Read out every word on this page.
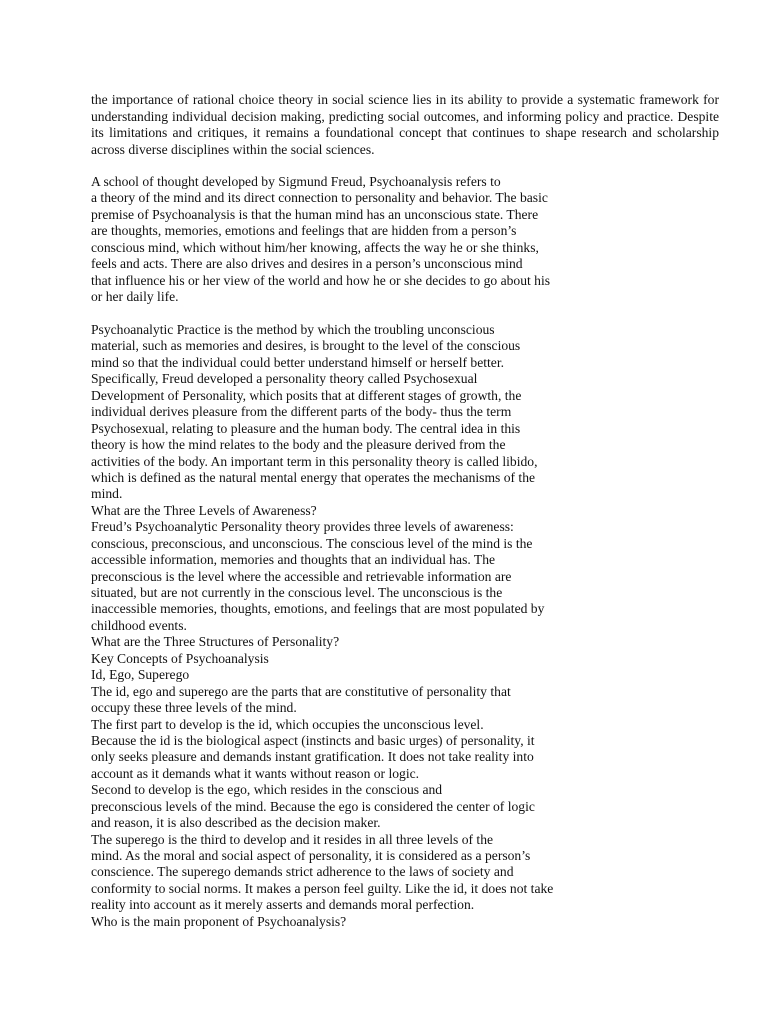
the importance of rational choice theory in social science lies in its ability to provide a systematic framework for understanding individual decision making, predicting social outcomes, and informing policy and practice. Despite its limitations and critiques, it remains a foundational concept that continues to shape research and scholarship across diverse disciplines within the social sciences.

A school of thought developed by Sigmund Freud, Psychoanalysis refers to
a theory of the mind and its direct connection to personality and behavior. The basic
premise of Psychoanalysis is that the human mind has an unconscious state. There
are thoughts, memories, emotions and feelings that are hidden from a person’s
conscious mind, which without him/her knowing, affects the way he or she thinks,
feels and acts. There are also drives and desires in a person’s unconscious mind
that influence his or her view of the world and how he or she decides to go about his
or her daily life.
Psychoanalytic Practice is the method by which the troubling unconscious
material, such as memories and desires, is brought to the level of the conscious
mind so that the individual could better understand himself or herself better.
Specifically, Freud developed a personality theory called Psychosexual
Development of Personality, which posits that at different stages of growth, the
individual derives pleasure from the different parts of the body- thus the term
Psychosexual, relating to pleasure and the human body. The central idea in this
theory is how the mind relates to the body and the pleasure derived from the
activities of the body. An important term in this personality theory is called libido,
which is defined as the natural mental energy that operates the mechanisms of the
mind.
What are the Three Levels of Awareness?
Freud’s Psychoanalytic Personality theory provides three levels of awareness:
conscious, preconscious, and unconscious. The conscious level of the mind is the
accessible information, memories and thoughts that an individual has. The
preconscious is the level where the accessible and retrievable information are
situated, but are not currently in the conscious level. The unconscious is the
inaccessible memories, thoughts, emotions, and feelings that are most populated by
childhood events.
What are the Three Structures of Personality?
Key Concepts of Psychoanalysis
Id, Ego, Superego
The id, ego and superego are the parts that are constitutive of personality that
occupy these three levels of the mind.
The first part to develop is the id, which occupies the unconscious level.
Because the id is the biological aspect (instincts and basic urges) of personality, it
only seeks pleasure and demands instant gratification. It does not take reality into
account as it demands what it wants without reason or logic.
Second to develop is the ego, which resides in the conscious and
preconscious levels of the mind. Because the ego is considered the center of logic
and reason, it is also described as the decision maker.
The superego is the third to develop and it resides in all three levels of the
mind. As the moral and social aspect of personality, it is considered as a person’s
conscience. The superego demands strict adherence to the laws of society and
conformity to social norms. It makes a person feel guilty. Like the id, it does not take
reality into account as it merely asserts and demands moral perfection.
Who is the main proponent of Psychoanalysis?
